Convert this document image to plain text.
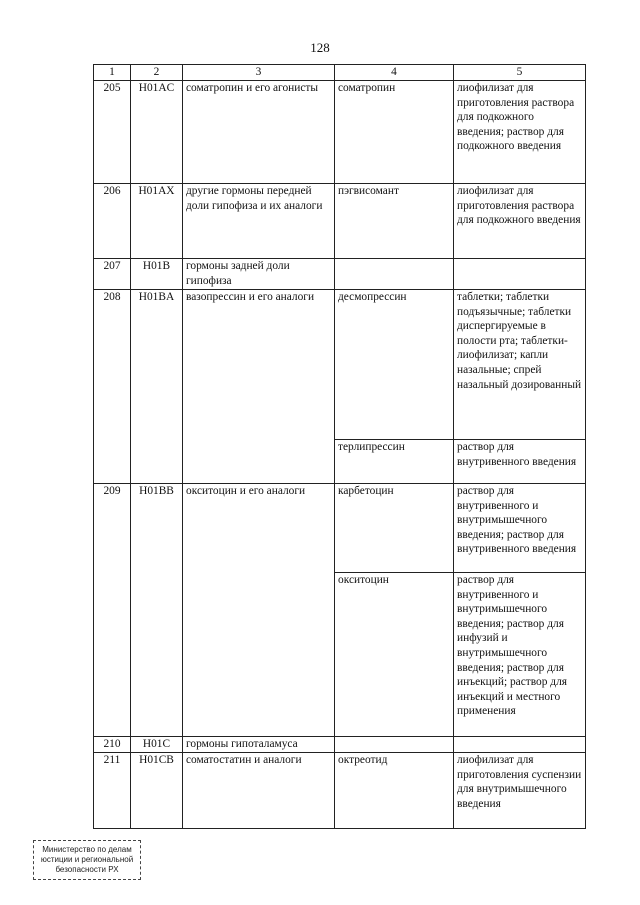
128
1	2	3	4	5
205	H01AC	соматропин и его агонисты	соматропин	лиофилизат для приготовления раствора для подкожного введения; раствор для подкожного введения
206	H01AX	другие гормоны передней доли гипофиза и их аналоги	пэгвисомант	лиофилизат для приготовления раствора для подкожного введения
207	H01B	гормоны задней доли гипофиза		
208	H01BA	вазопрессин и его аналоги	десмопрессин	таблетки; таблетки подъязычные; таблетки диспергируемые в полости рта; таблетки-лиофилизат; капли назальные; спрей назальный дозированный
			терлипрессин	раствор для внутривенного введения
209	H01BB	окситоцин и его аналоги	карбетоцин	раствор для внутривенного и внутримышечного введения; раствор для внутривенного введения
			окситоцин	раствор для внутривенного и внутримышечного введения; раствор для инфузий и внутримышечного введения; раствор для инъекций; раствор для инъекций и местного применения
210	H01C	гормоны гипоталамуса		
211	H01CB	соматостатин и аналоги	октреотид	лиофилизат для приготовления суспензии для внутримышечного введения
Министерство по делам
юстиции и региональной
безопасности РХ
